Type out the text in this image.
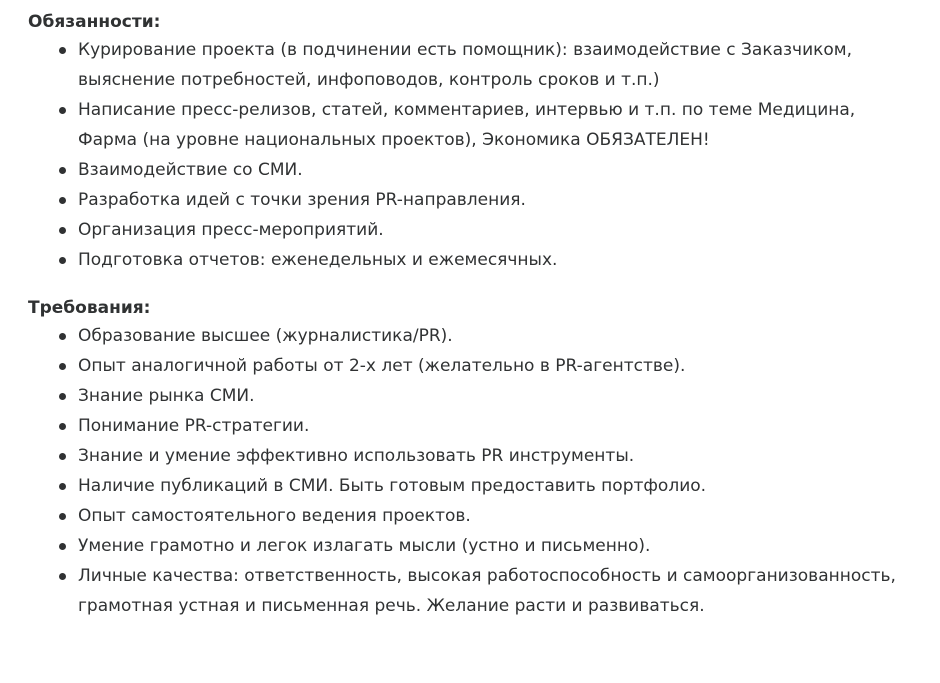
Обязанности:
Курирование проекта (в подчинении есть помощник): взаимодействие с Заказчиком, выяснение потребностей, инфоповодов, контроль сроков и т.п.)
Написание пресс-релизов, статей, комментариев, интервью и т.п. по теме Медицина, Фарма (на уровне национальных проектов), Экономика ОБЯЗАТЕЛЕН!
Взаимодействие со СМИ.
Разработка идей с точки зрения PR-направления.
Организация пресс-мероприятий.
Подготовка отчетов: еженедельных и ежемесячных.
Требования:
Образование высшее (журналистика/PR).
Опыт аналогичной работы от 2-х лет (желательно в PR-агентстве).
Знание рынка СМИ.
Понимание PR-стратегии.
Знание и умение эффективно использовать PR инструменты.
Наличие публикаций в СМИ. Быть готовым предоставить портфолио.
Опыт самостоятельного ведения проектов.
Умение грамотно и легок излагать мысли (устно и письменно).
Личные качества: ответственность, высокая работоспособность и самоорганизованность, грамотная устная и письменная речь. Желание расти и развиваться.
